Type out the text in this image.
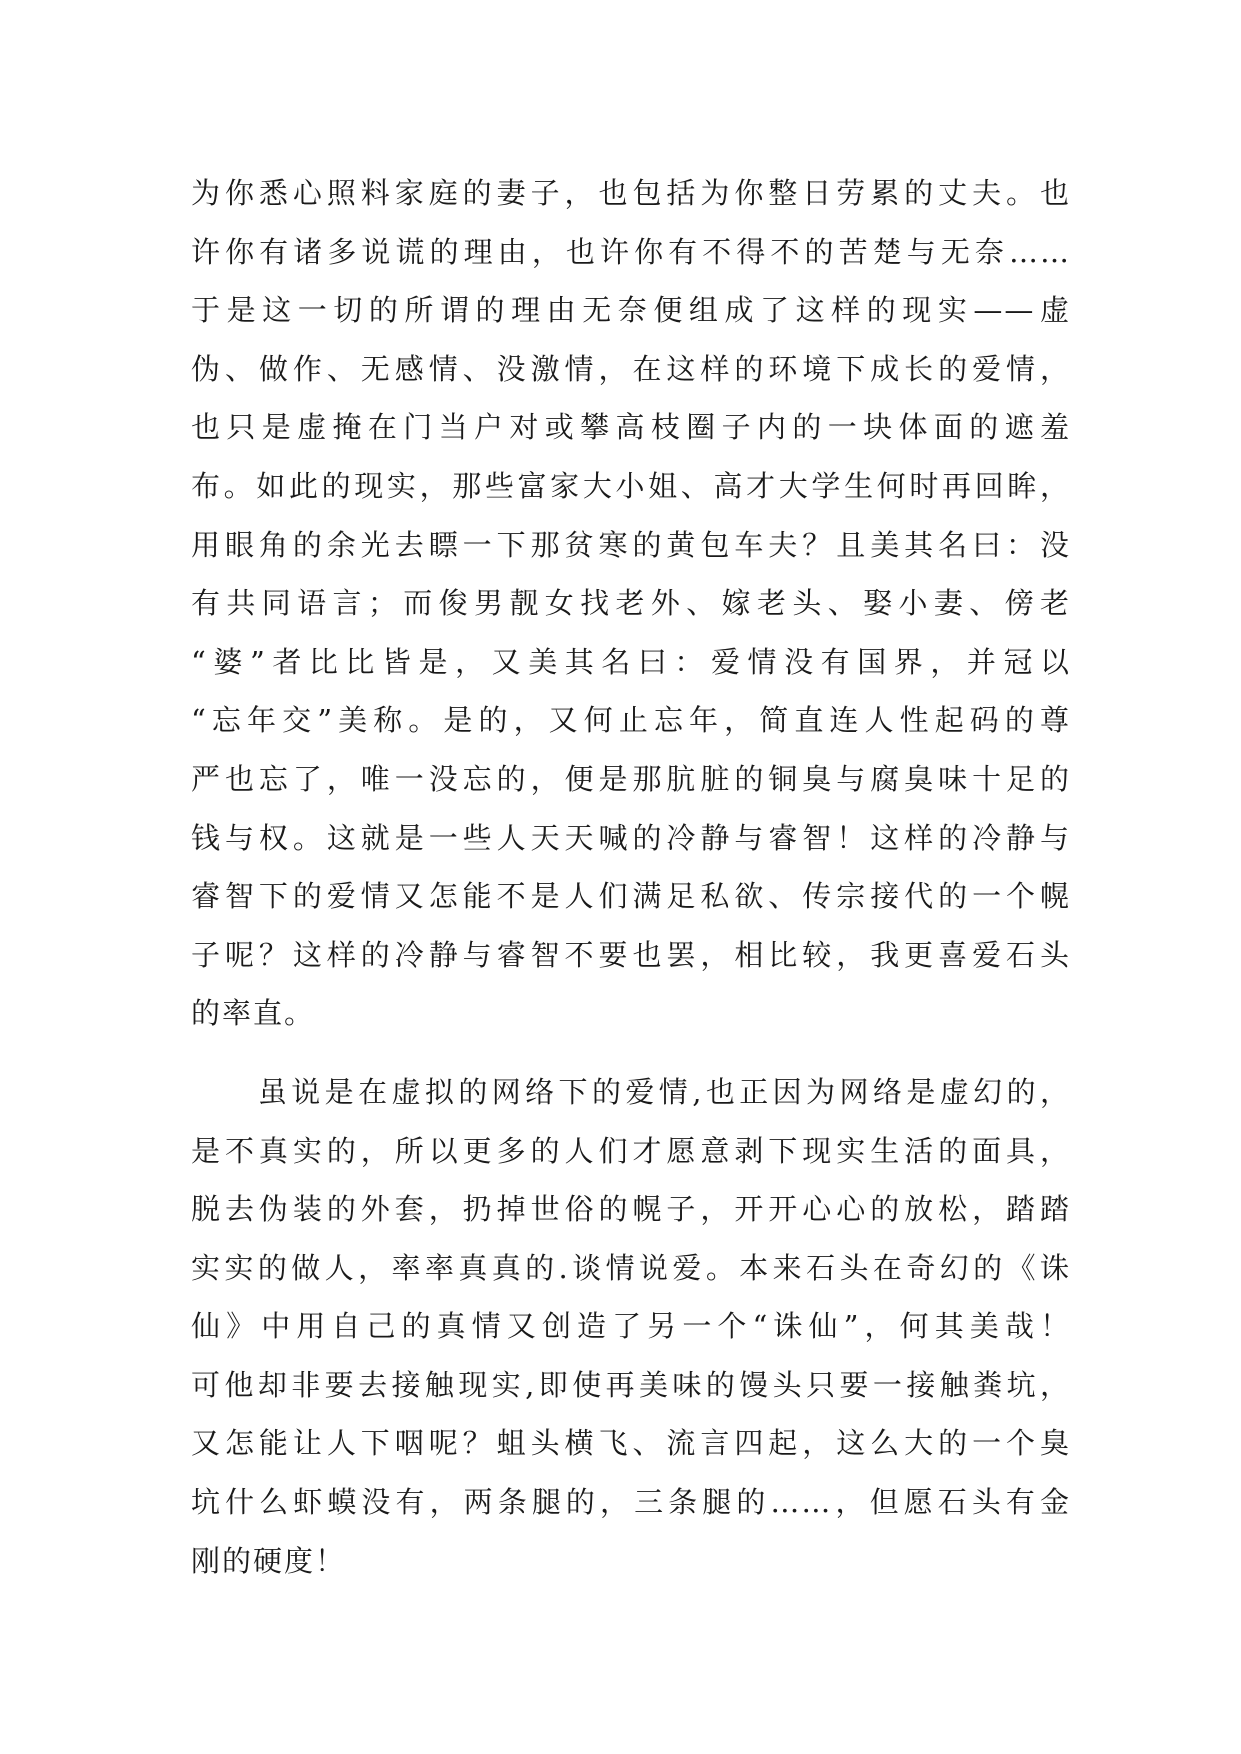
为你悉心照料家庭的妻子，也包括为你整日劳累的丈夫。也
许你有诸多说谎的理由，也许你有不得不的苦楚与无奈……
于是这一切的所谓的理由无奈便组成了这样的现实——虚
伪、做作、无感情、没激情，在这样的环境下成长的爱情，
也只是虚掩在门当户对或攀高枝圈子内的一块体面的遮羞
布。如此的现实，那些富家大小姐、高才大学生何时再回眸，
用眼角的余光去瞟一下那贫寒的黄包车夫？且美其名曰：没
有共同语言；而俊男靓女找老外、嫁老头、娶小妻、傍老
“婆”者比比皆是，又美其名曰：爱情没有国界，并冠以
“忘年交”美称。是的，又何止忘年，简直连人性起码的尊
严也忘了，唯一没忘的，便是那肮脏的铜臭与腐臭味十足的
钱与权。这就是一些人天天喊的冷静与睿智！这样的冷静与
睿智下的爱情又怎能不是人们满足私欲、传宗接代的一个幌
子呢？这样的冷静与睿智不要也罢，相比较，我更喜爱石头
的率直。
　　虽说是在虚拟的网络下的爱情,也正因为网络是虚幻的，
是不真实的，所以更多的人们才愿意剥下现实生活的面具，
脱去伪装的外套，扔掉世俗的幌子，开开心心的放松，踏踏
实实的做人，率率真真的.谈情说爱。本来石头在奇幻的《诛
仙》中用自己的真情又创造了另一个“诛仙”，何其美哉！
可他却非要去接触现实,即使再美味的馒头只要一接触粪坑，
又怎能让人下咽呢？蛆头横飞、流言四起，这么大的一个臭
坑什么虾蟆没有，两条腿的，三条腿的……，但愿石头有金
刚的硬度！
